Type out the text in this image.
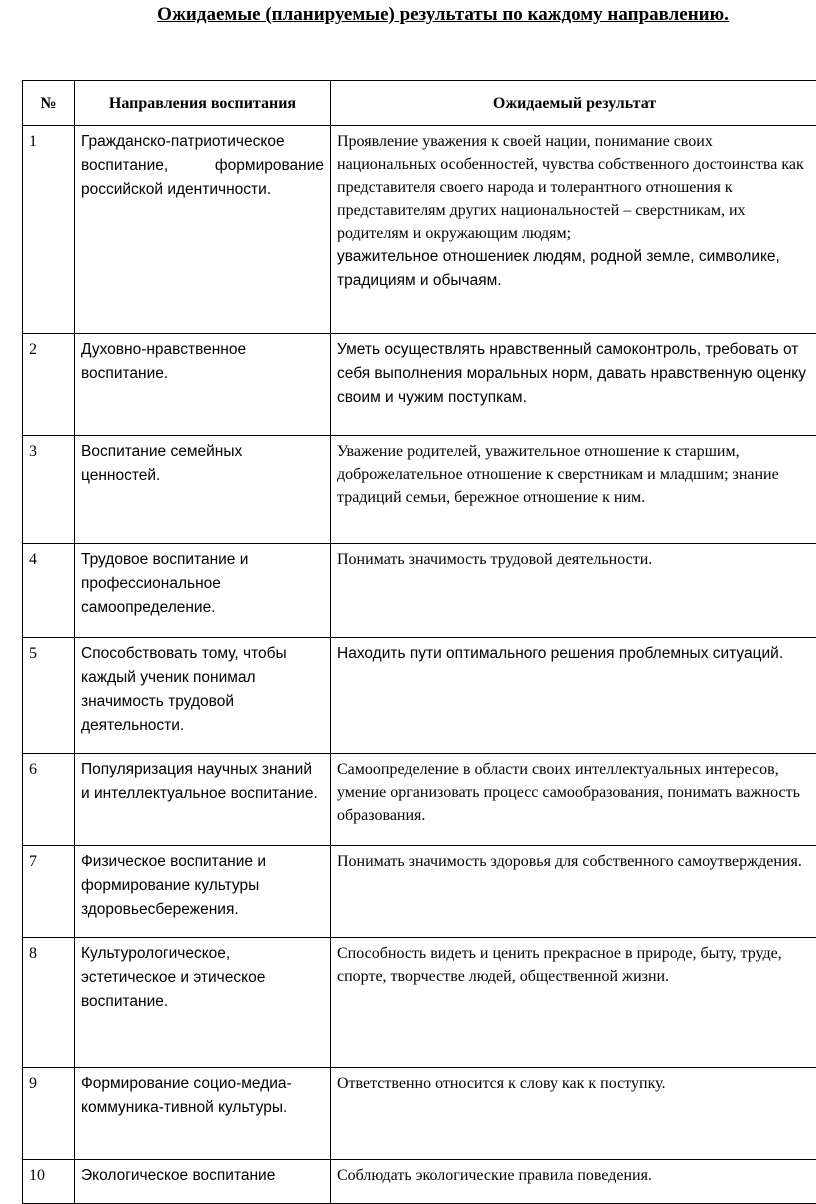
Ожидаемые (планируемые) результаты по каждому направлению.
№	Направления воспитания	Ожидаемый результат
1	Гражданско-патриотическое воспитание, формирование российской идентичности.	Проявление уважения к своей нации, понимание своих национальных особенностей, чувства собственного достоинства как представителя своего народа и толерантного отношения к представителям других национальностей – сверстникам, их родителям и окружающим людям;
уважительное отношениек людям, родной земле, символике, традициям и обычаям.

2	Духовно-нравственное воспитание.	Уметь осуществлять нравственный самоконтроль, требовать от себя выполнения моральных норм, давать нравственную оценку своим и чужим поступкам.
3	Воспитание семейных ценностей.	Уважение родителей, уважительное отношение к старшим, доброжелательное отношение к сверстникам и младшим; знание традиций семьи, бережное отношение к ним.
4	Трудовое воспитание и профессиональное самоопределение.	Понимать значимость трудовой деятельности.
5	Способствовать тому, чтобы каждый ученик понимал значимость трудовой деятельности.	Находить пути оптимального решения проблемных ситуаций.
6	Популяризация научных знаний и интеллектуальное воспитание.	Самоопределение в области своих интеллектуальных интересов, умение организовать процесс самообразования, понимать важность образования.
7	Физическое воспитание и формирование культуры здоровьесбережения.	Понимать значимость здоровья для собственного самоутверждения.
8	Культурологическое, эстетическое и этическое воспитание.	Способность видеть и ценить прекрасное в природе, быту, труде, спорте, творчестве людей, общественной жизни.
9	Формирование социо-медиа-коммуника-тивной культуры.	Ответственно относится к слову как к поступку.
10	Экологическое воспитание	Соблюдать экологические правила поведения.
